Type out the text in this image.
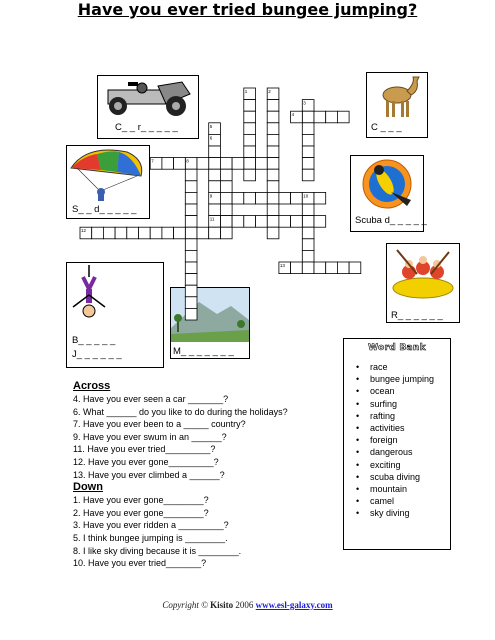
Have you ever tried bungee jumping?
C_ _ r_ _ _ _ _	C _ _ _
S_ _ d_ _ _ _ _
Scuba d_ _ _ _ _
R_ _ _ _ _ _
B_ _ _ _ _
J_ _ _ _ _ _	M_ _ _ _ _ _ _
1	2
3
4
5
6
7	8
9	10
11
12
13
Across
4. Have you ever seen a car _______?
6. What ______ do you like to do during the holidays?
7. Have you ever been to a _____ country?
9. Have you ever swum in an ______?
11. Have you ever tried_________?
12. Have you ever gone_________?
13. Have you ever climbed a ______?
Down
1. Have you ever gone________?
2. Have you ever gone________?
3. Have you ever ridden a _________?
5. I think bungee jumping is ________.
8. I like sky diving because it is ________.
10. Have you ever tried_______?
Word Bank
• race
• bungee jumping
• ocean
• surfing
• rafting
• activities
• foreign
• dangerous
• exciting
• scuba diving
• mountain
• camel
• sky diving
Copyright © Kisito 2006 www.esl-galaxy.com
